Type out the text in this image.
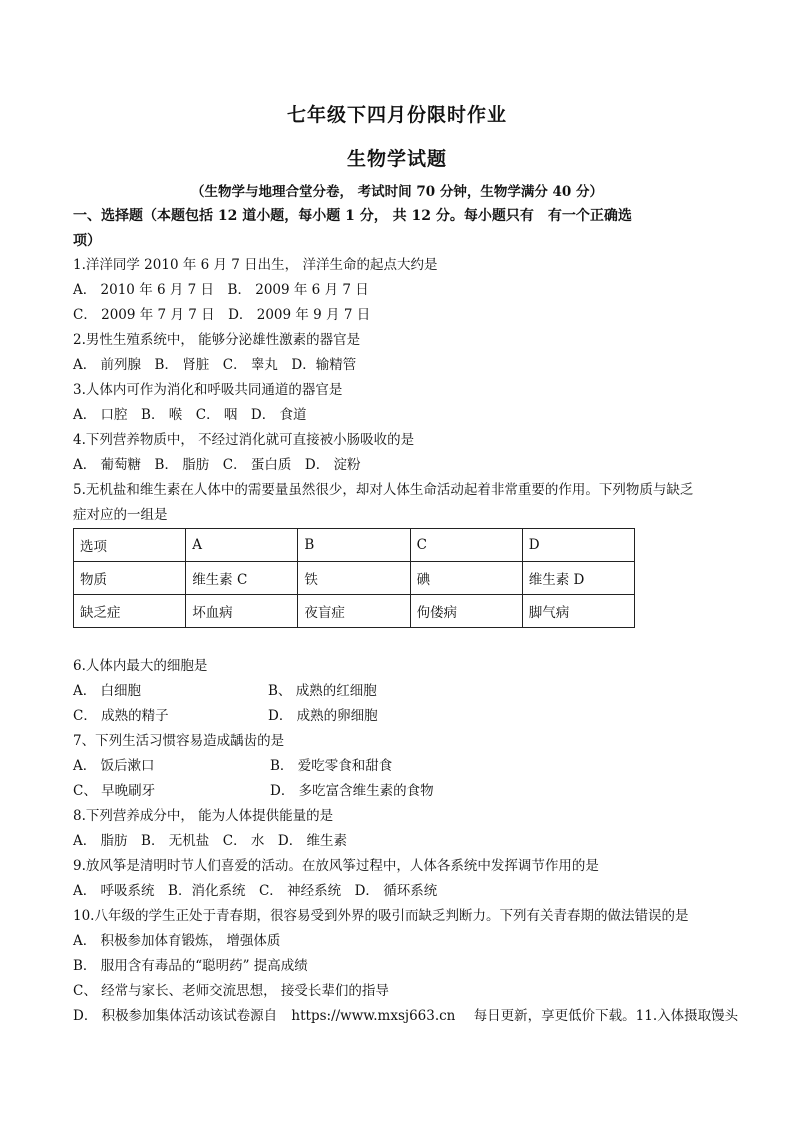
七年级下四月份限时作业
生物学试题
（生物学与地理合堂分卷， 考试时间 70 分钟，生物学满分 40 分）
一、选择题（本题包括 12 道小题，每小题 1 分， 共 12 分。每小题只有　有一个正确选
项）
1.洋洋同学 2010 年 6 月 7 日出生， 洋洋生命的起点大约是
A． 2010 年 6 月 7 日　B． 2009 年 6 月 7 日
C． 2009 年 7 月 7 日　D． 2009 年 9 月 7 日
2.男性生殖系统中， 能够分泌雄性激素的器官是
A． 前列腺　B． 肾脏　C． 睾丸　D．输精管
3.人体内可作为消化和呼吸共同通道的器官是
A． 口腔　B． 喉　C． 咽　D． 食道
4.下列营养物质中， 不经过消化就可直接被小肠吸收的是
A． 葡萄糖　B． 脂肪　C． 蛋白质　D． 淀粉
5.无机盐和维生素在人体中的需要量虽然很少，却对人体生命活动起着非常重要的作用。下列物质与缺乏
症对应的一组是
选项	A	B	C	D
物质	维生素 C	铁	碘	维生素 D
缺乏症	坏血病	夜盲症	佝偻病	脚气病
6.人体内最大的细胞是
A． 白细胞	B、 成熟的红细胞
C． 成熟的精子	D． 成熟的卵细胞
7、下列生活习惯容易造成龋齿的是
A． 饭后漱口	B． 爱吃零食和甜食
C、 早晚刷牙	D． 多吃富含维生素的食物
8.下列营养成分中， 能为人体提供能量的是
A． 脂肪　B． 无机盐　C． 水　D． 维生素
9.放风筝是清明时节人们喜爱的活动。在放风筝过程中，人体各系统中发挥调节作用的是
A． 呼吸系统　B．消化系统　C． 神经系统　D． 循环系统
10.八年级的学生正处于青春期，很容易受到外界的吸引而缺乏判断力。下列有关青春期的做法错误的是
A． 积极参加体育锻炼， 增强体质
B． 服用含有毒品的“聪明药” 提高成绩
C、 经常与家长、老师交流思想， 接受长辈们的指导
D． 积极参加集体活动该试卷源自 https://www.mxsj663.cn 每日更新，享更低价下载。11.入体摄取馒头
